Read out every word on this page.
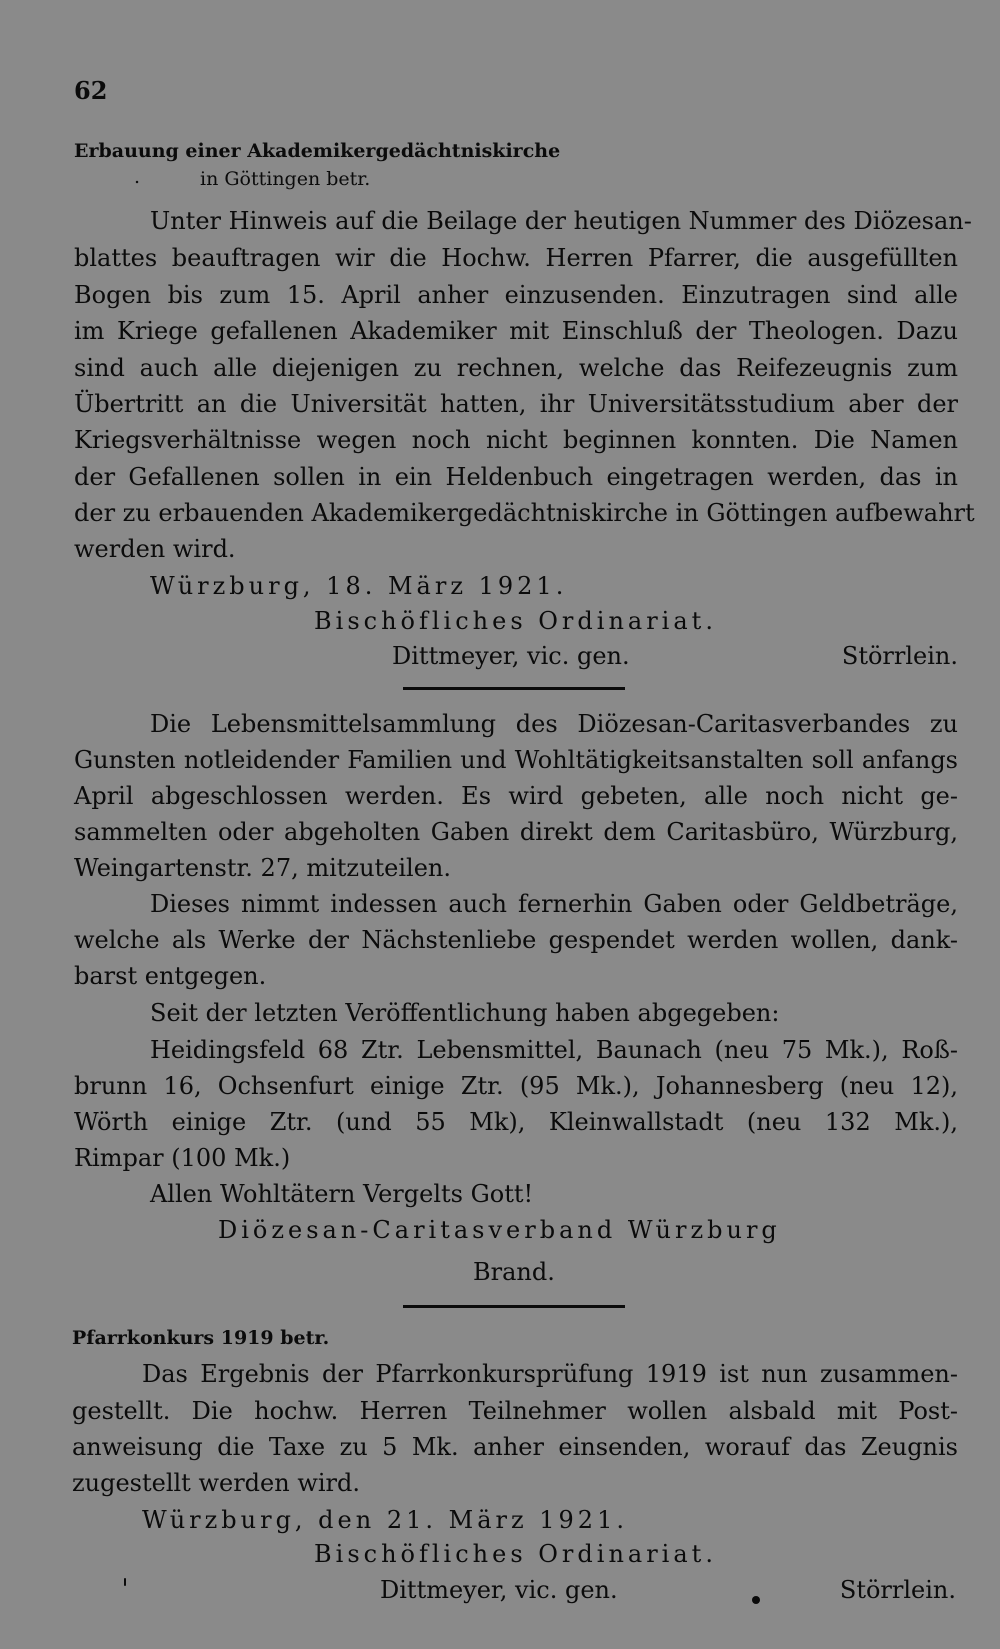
62
Erbauung einer Akademikergedächtniskirche
.	in Göttingen betr.
Unter Hinweis auf die Beilage der heutigen Nummer des Diözesan-
blattes beauftragen wir die Hochw. Herren Pfarrer, die ausgefüllten
Bogen bis zum 15. April anher einzusenden. Einzutragen sind alle
im Kriege gefallenen Akademiker mit Einschluß der Theologen. Dazu
sind auch alle diejenigen zu rechnen, welche das Reifezeugnis zum
Übertritt an die Universität hatten, ihr Universitätsstudium aber der
Kriegsverhältnisse wegen noch nicht beginnen konnten. Die Namen
der Gefallenen sollen in ein Heldenbuch eingetragen werden, das in
der zu erbauenden Akademikergedächtniskirche in Göttingen aufbewahrt
werden wird.
Würzburg, 18. März 1921.
Bischöfliches Ordinariat.
Dittmeyer, vic. gen.	Störrlein.
Die Lebensmittelsammlung des Diözesan-Caritasverbandes zu
Gunsten notleidender Familien und Wohltätigkeitsanstalten soll anfangs
April abgeschlossen werden. Es wird gebeten, alle noch nicht ge-
sammelten oder abgeholten Gaben direkt dem Caritasbüro, Würzburg,
Weingartenstr. 27, mitzuteilen.
Dieses nimmt indessen auch fernerhin Gaben oder Geldbeträge,
welche als Werke der Nächstenliebe gespendet werden wollen, dank-
barst entgegen.
Seit der letzten Veröffentlichung haben abgegeben:
Heidingsfeld 68 Ztr. Lebensmittel, Baunach (neu 75 Mk.), Roß-
brunn 16, Ochsenfurt einige Ztr. (95 Mk.), Johannesberg (neu 12),
Wörth einige Ztr. (und 55 Mk), Kleinwallstadt (neu 132 Mk.),
Rimpar (100 Mk.)
Allen Wohltätern Vergelts Gott!
Diözesan-Caritasverband Würzburg
Brand.
Pfarrkonkurs 1919 betr.
Das Ergebnis der Pfarrkonkursprüfung 1919 ist nun zusammen-
gestellt. Die hochw. Herren Teilnehmer wollen alsbald mit Post-
anweisung die Taxe zu 5 Mk. anher einsenden, worauf das Zeugnis
zugestellt werden wird.
Würzburg, den 21. März 1921.
Bischöfliches Ordinariat.
Dittmeyer, vic. gen.	Störrlein.
